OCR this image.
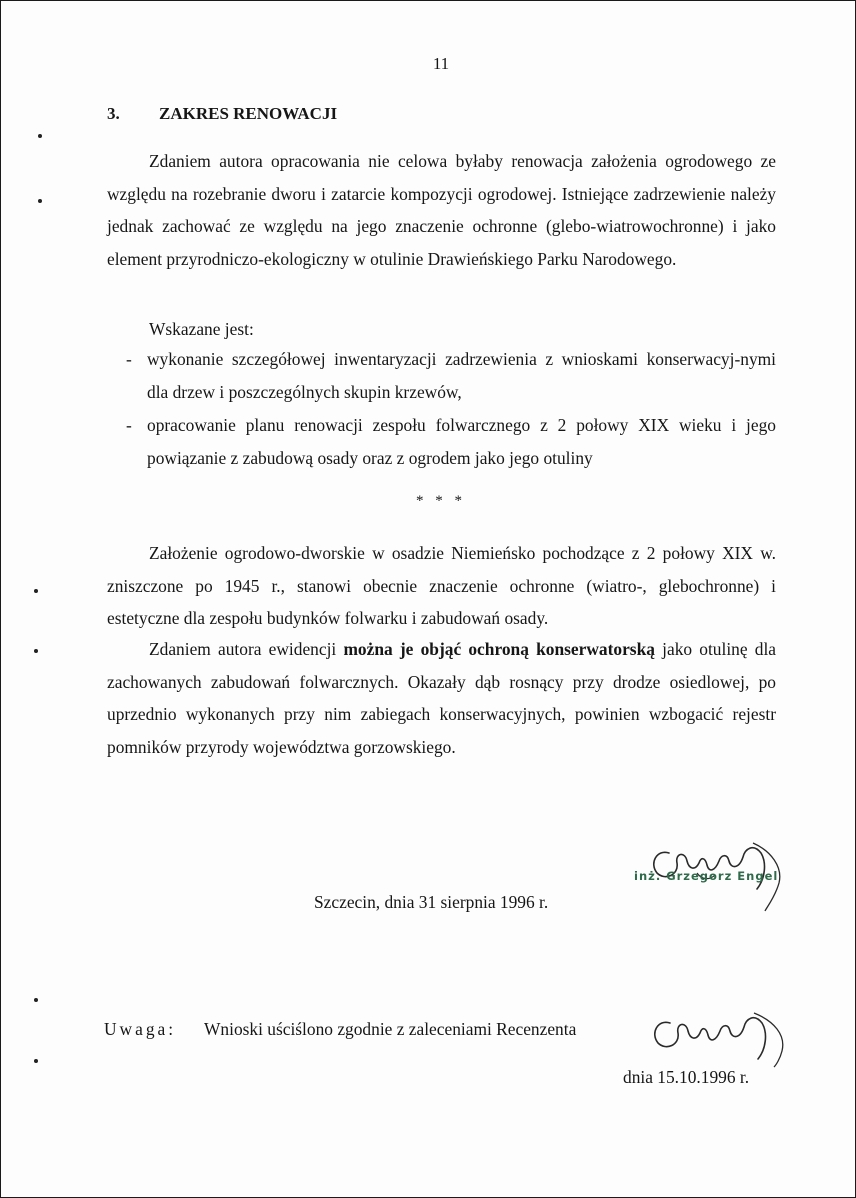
11
3. ZAKRES RENOWACJI

Zdaniem autora opracowania nie celowa byłaby renowacja założenia ogrodowego ze względu na rozebranie dworu i zatarcie kompozycji ogrodowej. Istniejące zadrzewienie należy jednak zachować ze względu na jego znaczenie ochronne (glebo-wiatrowochronne) i jako element przyrodniczo-ekologiczny w otulinie Drawieńskiego Parku Narodowego.

Wskazane jest:
- wykonanie szczegółowej inwentaryzacji zadrzewienia z wnioskami konserwacyj-nymi dla drzew i poszczególnych skupin krzewów,
- opracowanie planu renowacji zespołu folwarcznego z 2 połowy XIX wieku i jego powiązanie z zabudową osady oraz z ogrodem jako jego otuliny
* * *

Założenie ogrodowo-dworskie w osadzie Niemieńsko pochodzące z 2 połowy XIX w. zniszczone po 1945 r., stanowi obecnie znaczenie ochronne (wiatro-, glebochronne) i estetyczne dla zespołu budynków folwarku i zabudowań osady.

Zdaniem autora ewidencji można je objąć ochroną konserwatorską jako otulinę dla zachowanych zabudowań folwarcznych. Okazały dąb rosnący przy drodze osiedlowej, po uprzednio wykonanych przy nim zabiegach konserwacyjnych, powinien wzbogacić rejestr pomników przyrody województwa gorzowskiego.

inż. Grzegorz Engel
Szczecin, dnia 31 sierpnia 1996 r.
Uwaga: Wnioski uściślono zgodnie z zaleceniami Recenzenta
dnia 15.10.1996 r.
